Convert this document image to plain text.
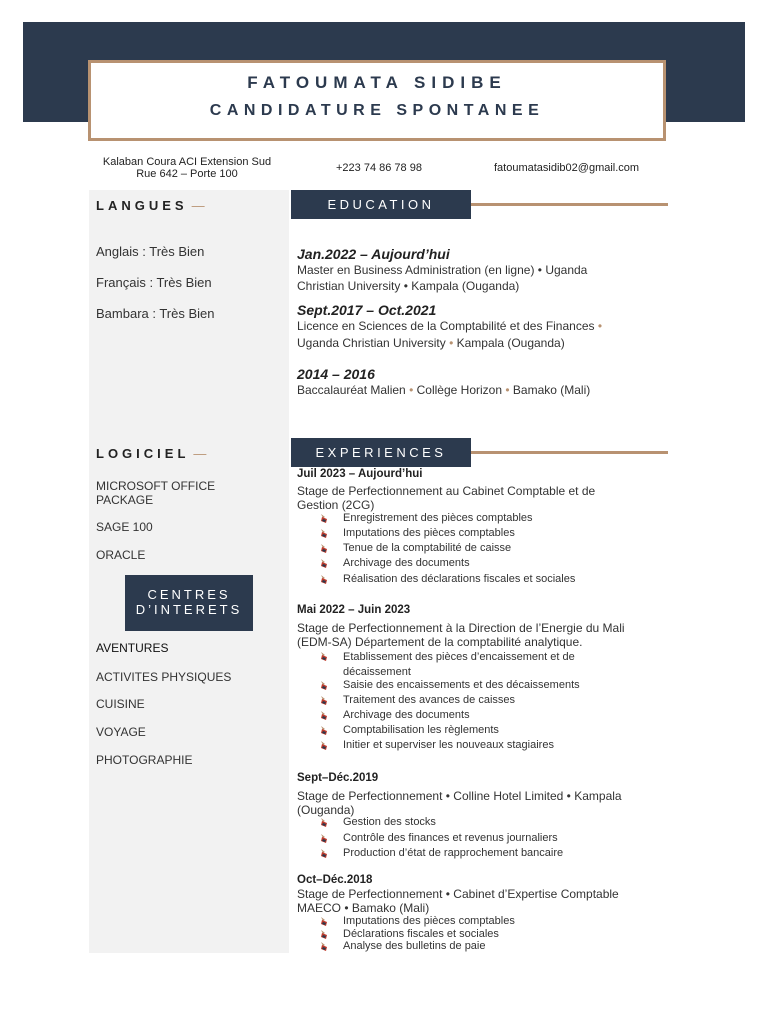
FATOUMATA SIDIBE
CANDIDATURE SPONTANEE
Kalaban Coura ACI Extension Sud
Rue 642 – Porte 100	+223 74 86 78 98	fatoumatasidib02@gmail.com
LANGUES —
Anglais : Très Bien
Français : Très Bien
Bambara : Très Bien
LOGICIEL —
MICROSOFT OFFICE PACKAGE
SAGE 100
ORACLE
CENTRES
D’INTERETS
AVENTURES
ACTIVITES PHYSIQUES
CUISINE
VOYAGE
PHOTOGRAPHIE
EDUCATION
Jan.2022 – Aujourd’hui
Master en Business Administration (en ligne) • Uganda
Christian University • Kampala (Ouganda)
Sept.2017 – Oct.2021
Licence en Sciences de la Comptabilité et des Finances •
Uganda Christian University • Kampala (Ouganda)
2014 – 2016
Baccalauréat Malien • Collège Horizon • Bamako (Mali)
EXPERIENCES
Juil 2023 – Aujourd’hui
Stage de Perfectionnement au Cabinet Comptable et de
Gestion (2CG)
Enregistrement des pièces comptables
Imputations des pièces comptables
Tenue de la comptabilité de caisse
Archivage des documents
Réalisation des déclarations fiscales et sociales
Mai 2022 – Juin 2023
Stage de Perfectionnement à la Direction de l’Energie du Mali
(EDM-SA) Département de la comptabilité analytique.
Etablissement des pièces d’encaissement et de décaissement
Saisie des encaissements et des décaissements
Traitement des avances de caisses
Archivage des documents
Comptabilisation les règlements
Initier et superviser les nouveaux stagiaires
Sept–Déc.2019
Stage de Perfectionnement • Colline Hotel Limited • Kampala
(Ouganda)
Gestion des stocks
Contrôle des finances et revenus journaliers
Production d’état de rapprochement bancaire
Oct–Déc.2018
Stage de Perfectionnement • Cabinet d’Expertise Comptable
MAECO • Bamako (Mali)
Imputations des pièces comptables
Déclarations fiscales et sociales
Analyse des bulletins de paie
